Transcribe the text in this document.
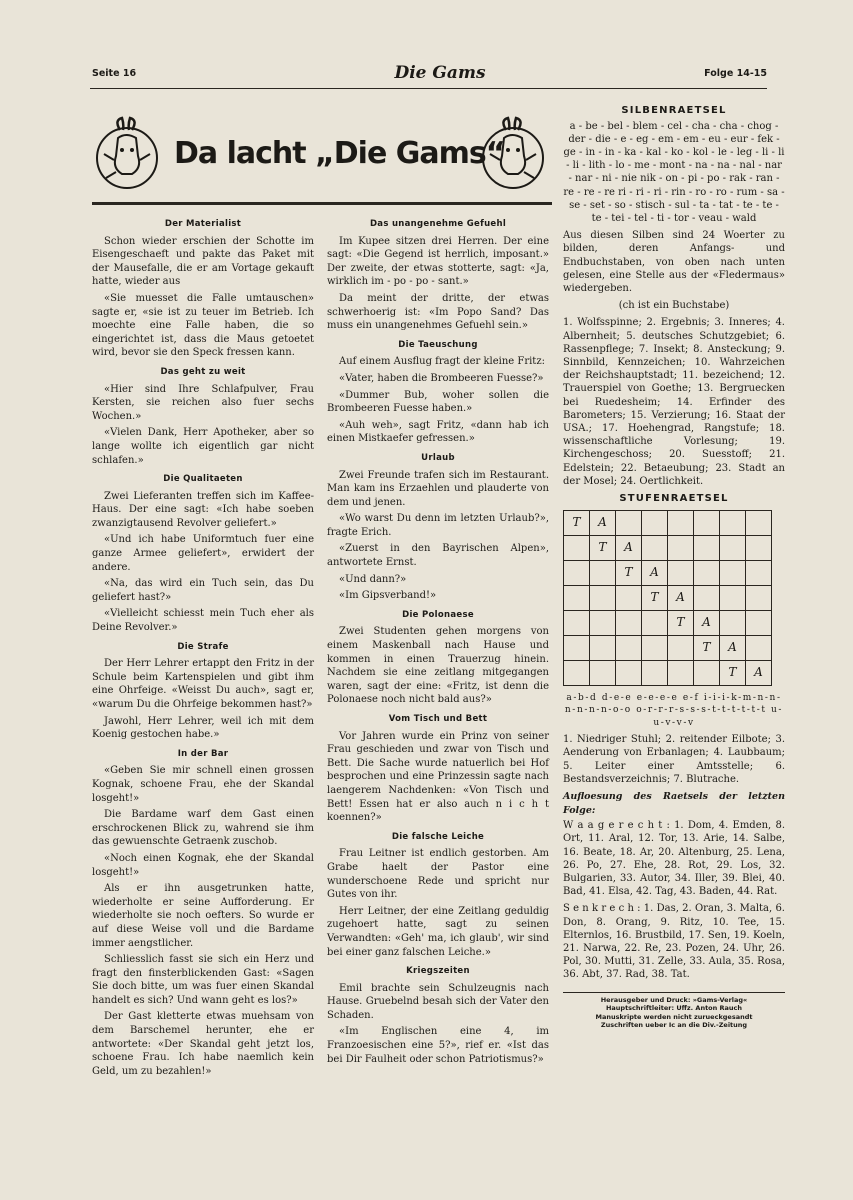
Seite 16	Die Gams	Folge 14-15
Da lacht „Die Gams“
Der Materialist

Schon wieder erschien der Schotte im Eisengeschaeft und pakte das Paket mit der Mausefalle, die er am Vortage gekauft hatte, wieder aus

«Sie muesset die Falle umtauschen» sagte er, «sie ist zu teuer im Betrieb. Ich moechte eine Falle haben, die so eingerichtet ist, dass die Maus getoetet wird, bevor sie den Speck fressen kann.

Das geht zu weit

«Hier sind Ihre Schlafpulver, Frau Kersten, sie reichen also fuer sechs Wochen.»

«Vielen Dank, Herr Apotheker, aber so lange wollte ich eigentlich gar nicht schlafen.»

Die Qualitaeten

Zwei Lieferanten treffen sich im Kaffee-Haus. Der eine sagt: «Ich habe soeben zwanzigtausend Revolver geliefert.»

«Und ich habe Uniformtuch fuer eine ganze Armee geliefert», erwidert der andere.

«Na, das wird ein Tuch sein, das Du geliefert hast?»

«Vielleicht schiesst mein Tuch eher als Deine Revolver.»

Die Strafe

Der Herr Lehrer ertappt den Fritz in der Schule beim Kartenspielen und gibt ihm eine Ohrfeige. «Weisst Du auch», sagt er, «warum Du die Ohrfeige bekommen hast?»

Jawohl, Herr Lehrer, weil ich mit dem Koenig gestochen habe.»

In der Bar

«Geben Sie mir schnell einen grossen Kognak, schoene Frau, ehe der Skandal losgeht!»

Die Bardame warf dem Gast einen erschrockenen Blick zu, wahrend sie ihm das gewuenschte Getraenk zuschob.

«Noch einen Kognak, ehe der Skandal losgeht!»

Als er ihn ausgetrunken hatte, wiederholte er seine Aufforderung. Er wiederholte sie noch oefters. So wurde er auf diese Weise voll und die Bardame immer aengstlicher.

Schliesslich fasst sie sich ein Herz und fragt den finsterblickenden Gast: «Sagen Sie doch bitte, um was fuer einen Skandal handelt es sich? Und wann geht es los?»

Der Gast kletterte etwas muehsam von dem Barschemel herunter, ehe er antwortete: «Der Skandal geht jetzt los, schoene Frau. Ich habe naemlich kein Geld, um zu bezahlen!»

Das unangenehme Gefuehl

Im Kupee sitzen drei Herren. Der eine sagt: «Die Gegend ist herrlich, imposant.» Der zweite, der etwas stotterte, sagt: «Ja, wirklich im - po - po - sant.»

Da meint der dritte, der etwas schwerhoerig ist: «Im Popo Sand? Das muss ein unangenehmes Gefuehl sein.»

Die Taeuschung

Auf einem Ausflug fragt der kleine Fritz:

«Vater, haben die Brombeeren Fuesse?»

«Dummer Bub, woher sollen die Brombeeren Fuesse haben.»

«Auh weh», sagt Fritz, «dann hab ich einen Mistkaefer gefressen.»

Urlaub

Zwei Freunde trafen sich im Restaurant. Man kam ins Erzaehlen und plauderte von dem und jenen.

«Wo warst Du denn im letzten Urlaub?», fragte Erich.

«Zuerst in den Bayrischen Alpen», antwortete Ernst.

«Und dann?»

«Im Gipsverband!»

Die Polonaese

Zwei Studenten gehen morgens von einem Maskenball nach Hause und kommen in einen Trauerzug hinein. Nachdem sie eine zeitlang mitgegangen waren, sagt der eine: «Fritz, ist denn die Polonaese noch nicht bald aus?»

Vom Tisch und Bett

Vor Jahren wurde ein Prinz von seiner Frau geschieden und zwar von Tisch und Bett. Die Sache wurde natuerlich bei Hof besprochen und eine Prinzessin sagte nach laengerem Nachdenken: «Von Tisch und Bett! Essen hat er also auch n i c h t koennen?»

Die falsche Leiche

Frau Leitner ist endlich gestorben. Am Grabe haelt der Pastor eine wunderschoene Rede und spricht nur Gutes von ihr.

Herr Leitner, der eine Zeitlang geduldig zugehoert hatte, sagt zu seinen Verwandten: «Geh' ma, ich glaub', wir sind bei einer ganz falschen Leiche.»

Kriegszeiten

Emil brachte sein Schulzeugnis nach Hause. Gruebelnd besah sich der Vater den Schaden.

«Im Englischen eine 4, im Franzoesischen eine 5?», rief er. «Ist das bei Dir Faulheit oder schon Patriotismus?»

SILBENRAETSEL
a - be - bel - blem - cel - cha - cha - chog - der - die - e - eg - em - em - eu - eur - fek - ge - in - in - ka - kal - ko - kol - le - leg - li - li - li - lith - lo - me - mont - na - na - nal - nar - nar - ni - nie nik - on - pi - po - rak - ran - re - re - re ri - ri - ri - rin - ro - ro - rum - sa - se - set - so - stisch - sul - ta - tat - te - te - te - tei - tel - ti - tor - veau - wald
Aus diesen Silben sind 24 Woerter zu bilden, deren Anfangs- und Endbuchstaben, von oben nach unten gelesen, eine Stelle aus der «Fledermaus» wiedergeben.
(ch ist ein Buchstabe)
1. Wolfsspinne; 2. Ergebnis; 3. Inneres; 4. Albernheit; 5. deutsches Schutzgebiet; 6. Rassenpflege; 7. Insekt; 8. Ansteckung; 9. Sinnbild, Kennzeichen; 10. Wahrzeichen der Reichshauptstadt; 11. bezeichend; 12. Trauerspiel von Goethe; 13. Bergruecken bei Ruedesheim; 14. Erfinder des Barometers; 15. Verzierung; 16. Staat der USA.; 17. Hoehengrad, Rangstufe; 18. wissenschaftliche Vorlesung; 19. Kirchengeschoss; 20. Suesstoff; 21. Edelstein; 22. Betaeubung; 23. Stadt an der Mosel; 24. Oertlichkeit.
STUFENRAETSEL
T	A						
	T	A					
		T	A				
			T	A			
				T	A		
					T	A	
						T	A
a-b-d d-e-e e-e-e-e e-f i-i-i-k-m-n-n-n-n-n-n-o-o o-r-r-r-s-s-s-t-t-t-t-t-t u-u-v-v-v
1. Niedriger Stuhl; 2. reitender Eilbote; 3. Aenderung von Erbanlagen; 4. Laubbaum; 5. Leiter einer Amtsstelle; 6. Bestandsverzeichnis; 7. Blutrache.
Aufloesung des Raetsels der letzten Folge:
W a a g e r e c h t : 1. Dom, 4. Emden, 8. Ort, 11. Aral, 12. Tor, 13. Arie, 14. Salbe, 16. Beate, 18. Ar, 20. Altenburg, 25. Lena, 26. Po, 27. Ehe, 28. Rot, 29. Los, 32. Bulgarien, 33. Autor, 34. Iller, 39. Blei, 40. Bad, 41. Elsa, 42. Tag, 43. Baden, 44. Rat.
S e n k r e c h : 1. Das, 2. Oran, 3. Malta, 6. Don, 8. Orang, 9. Ritz, 10. Tee, 15. Elternlos, 16. Brustbild, 17. Sen, 19. Koeln, 21. Narwa, 22. Re, 23. Pozen, 24. Uhr, 26. Pol, 30. Mutti, 31. Zelle, 33. Aula, 35. Rosa, 36. Abt, 37. Rad, 38. Tat.
Herausgeber und Druck: »Gams-Verlag«
Hauptschriftleiter: Uffz. Anton Rauch
Manuskripte werden nicht zurueckgesandt
Zuschriften ueber Ic an die Div.-Zeitung
